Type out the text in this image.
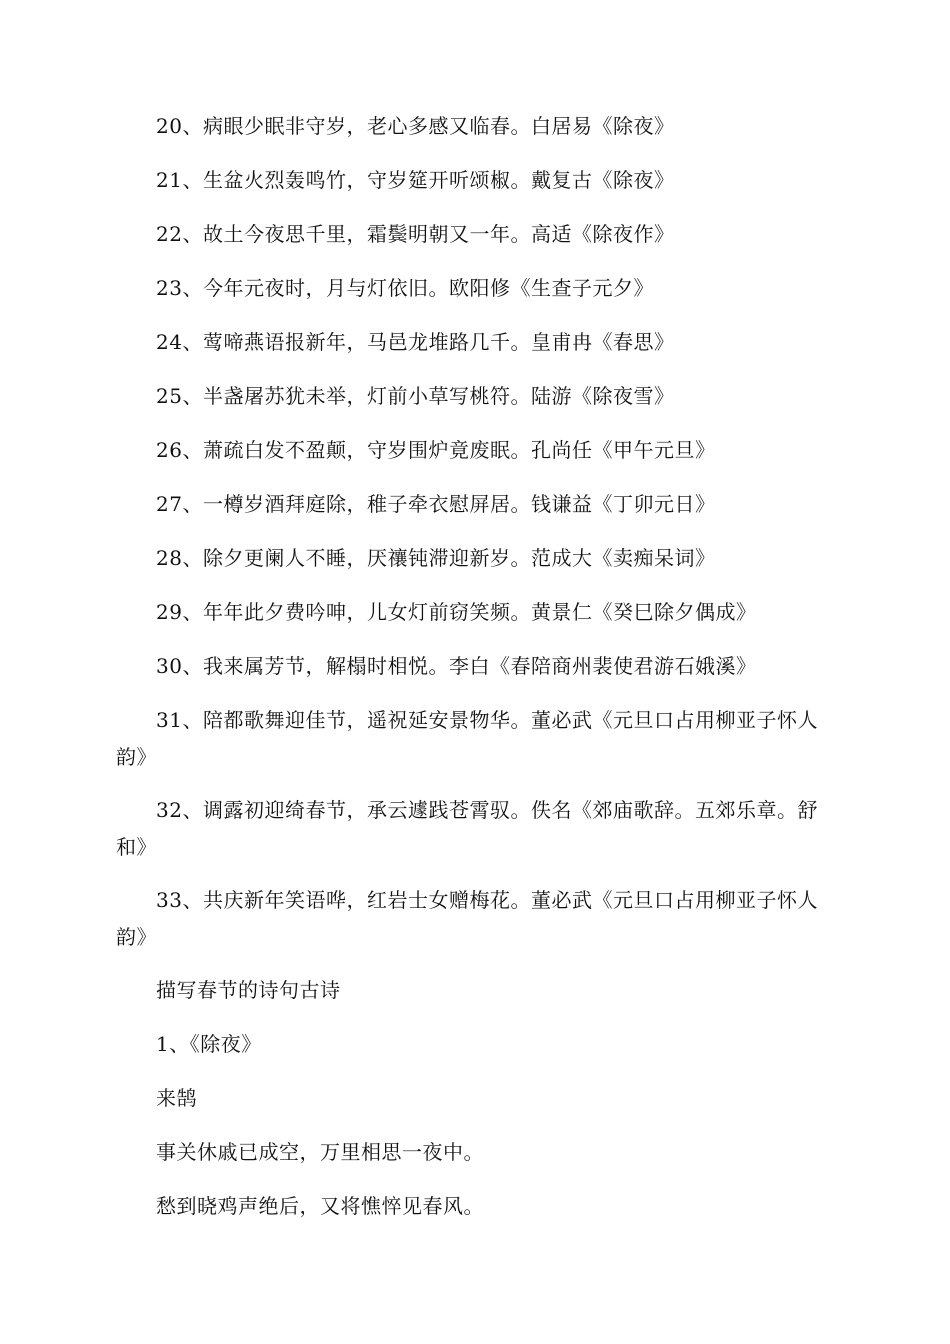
20、病眼少眠非守岁，老心多感又临春。白居易《除夜》

21、生盆火烈轰鸣竹，守岁筵开听颂椒。戴复古《除夜》

22、故土今夜思千里，霜鬓明朝又一年。高适《除夜作》

23、今年元夜时，月与灯依旧。欧阳修《生查子元夕》

24、莺啼燕语报新年，马邑龙堆路几千。皇甫冉《春思》

25、半盏屠苏犹未举，灯前小草写桃符。陆游《除夜雪》

26、萧疏白发不盈颠，守岁围炉竟废眠。孔尚任《甲午元旦》

27、一樽岁酒拜庭除，稚子牵衣慰屏居。钱谦益《丁卯元日》

28、除夕更阑人不睡，厌禳钝滞迎新岁。范成大《卖痴呆词》

29、年年此夕费吟呻，儿女灯前窃笑频。黄景仁《癸巳除夕偶成》

30、我来属芳节，解榻时相悦。李白《春陪商州裴使君游石娥溪》

31、陪都歌舞迎佳节，遥祝延安景物华。董必武《元旦口占用柳亚子怀人韵》

32、调露初迎绮春节，承云遽践苍霄驭。佚名《郊庙歌辞。五郊乐章。舒和》

33、共庆新年笑语哗，红岩士女赠梅花。董必武《元旦口占用柳亚子怀人韵》

描写春节的诗句古诗

1、《除夜》

来鹄

事关休戚已成空，万里相思一夜中。

愁到晓鸡声绝后，又将憔悴见春风。
